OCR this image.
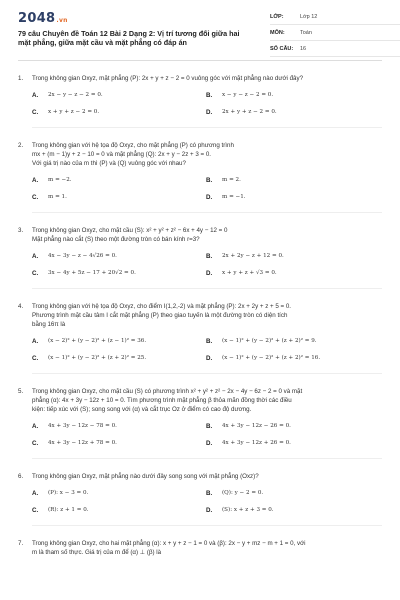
2048.vn
79 câu Chuyên đề Toán 12 Bài 2 Dạng 2: Vị trí tương đối giữa hai mặt phẳng, giữa mặt cầu và mặt phẳng có đáp án
LỚP:	Lớp 12
MÔN:	Toán
SỐ CÂU:	16
1. Trong không gian Oxyz, mặt phẳng (P): 2x + y + z − 2 = 0 vuông góc với mặt phẳng nào dưới đây?
A.	2x − y − z − 2 = 0.	B.	x − y − z − 2 = 0.
C.	x + y + z − 2 = 0.	D.	2x + y + z − 2 = 0.
2. Trong không gian với hệ tọa độ Oxyz, cho mặt phẳng (P) có phương trình
mx + (m − 1)y + z − 10 = 0 và mặt phẳng (Q): 2x + y − 2z + 3 = 0.
Với giá trị nào của m thì (P) và (Q) vuông góc với nhau?
A.	m = −2.	B.	m = 2.
C.	m = 1.	D.	m = −1.
3. Trong không gian Oxyz, cho mặt cầu (S): x² + y² + z² − 6x + 4y − 12 = 0
Mặt phẳng nào cắt (S) theo một đường tròn có bán kính r=3?
A.	4x − 3y − z − 4√26 = 0.	B.	2x + 2y − z + 12 = 0.
C.	3x − 4y + 5z − 17 + 20√2 = 0.	D.	x + y + z + √3 = 0.
4. Trong không gian với hệ tọa độ Oxyz, cho điểm I(1,2,-2) và mặt phẳng (P): 2x + 2y + z + 5 = 0.
Phương trình mặt cầu tâm I cắt mặt phẳng (P) theo giao tuyến là một đường tròn có diện tích
bằng 16π là
A.	(x − 2)² + (y − 2)² + (z − 1)² = 36.	B.	(x − 1)² + (y − 2)² + (z + 2)² = 9.
C.	(x − 1)² + (y − 2)² + (z + 2)² = 25.	D.	(x − 1)² + (y − 2)² + (z + 2)² = 16.
5. Trong không gian Oxyz, cho mặt cầu (S) có phương trình x² + y² + z² − 2x − 4y − 6z − 2 = 0 và mặt
phẳng (α): 4x + 3y − 12z + 10 = 0. Tìm phương trình mặt phẳng β thỏa mãn đồng thời các điều
kiện: tiếp xúc với (S); song song với (α) và cắt trục Oz ở điểm có cao độ dương.
A.	4x + 3y − 12z − 78 = 0.	B.	4x + 3y − 12z − 26 = 0.
C.	4x + 3y − 12z + 78 = 0.	D.	4x + 3y − 12z + 26 = 0.
6. Trong không gian Oxyz, mặt phẳng nào dưới đây song song với mặt phẳng (Oxz)?
A.	(P): x − 3 = 0.	B.	(Q): y − 2 = 0.
C.	(R): z + 1 = 0.	D.	(S): x + z + 3 = 0.
7. Trong không gian Oxyz, cho hai mặt phẳng (α): x + y + z − 1 = 0 và (β): 2x − y + mz − m + 1 = 0, với
m là tham số thực. Giá trị của m để (α) ⊥ (β) là
